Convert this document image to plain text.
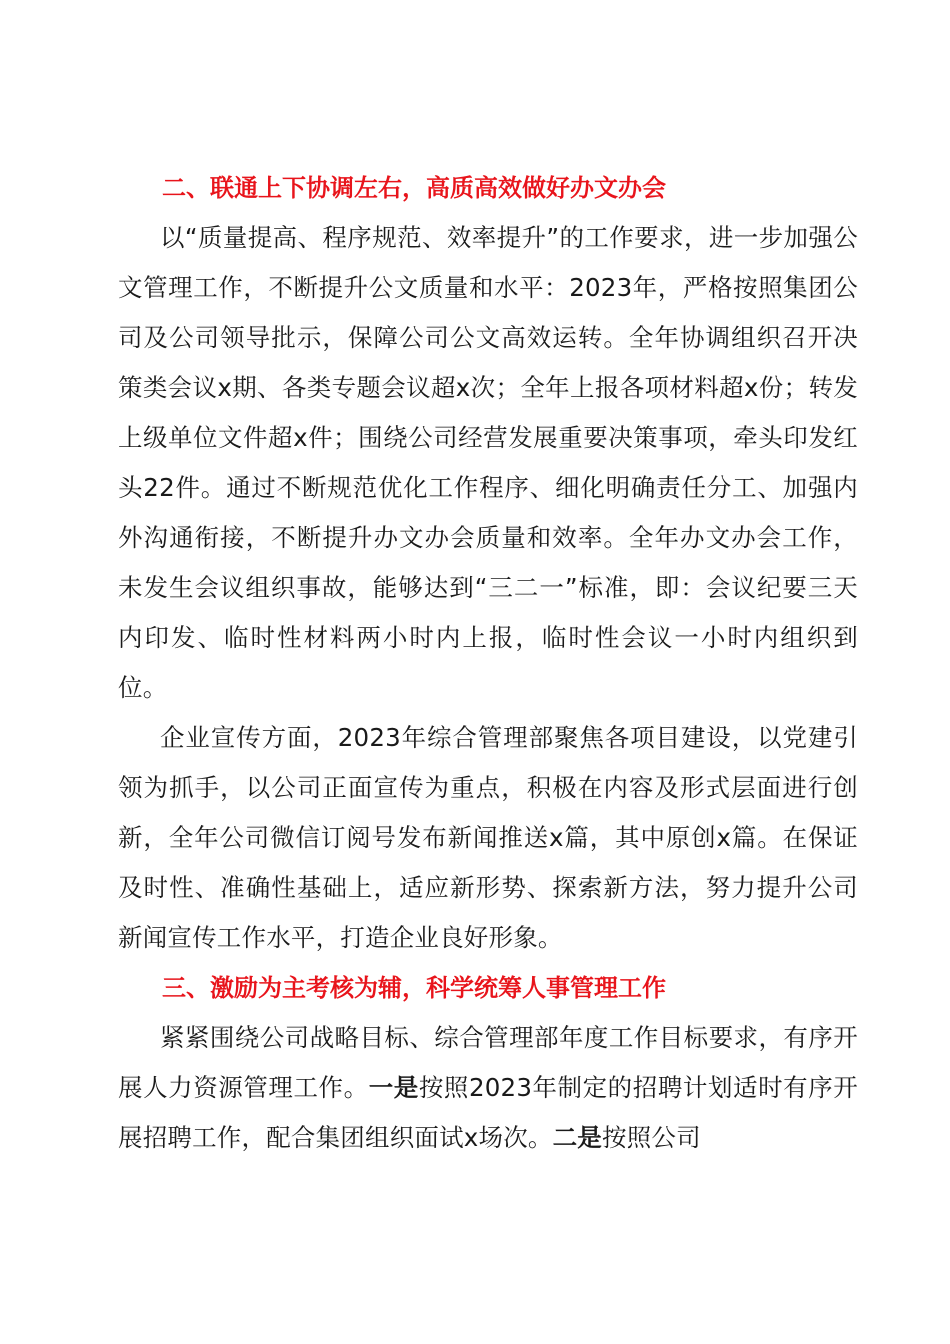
二、联通上下协调左右，高质高效做好办文办会

以“质量提高、程序规范、效率提升”的工作要求，进一步加强公文管理工作，不断提升公文质量和水平：2023年，严格按照集团公司及公司领导批示，保障公司公文高效运转。全年协调组织召开决策类会议x期、各类专题会议超x次；全年上报各项材料超x份；转发上级单位文件超x件；围绕公司经营发展重要决策事项，牵头印发红头22件。通过不断规范优化工作程序、细化明确责任分工、加强内外沟通衔接，不断提升办文办会质量和效率。全年办文办会工作，未发生会议组织事故，能够达到“三二一”标准，即：会议纪要三天内印发、临时性材料两小时内上报，临时性会议一小时内组织到位。

企业宣传方面，2023年综合管理部聚焦各项目建设，以党建引领为抓手，以公司正面宣传为重点，积极在内容及形式层面进行创新，全年公司微信订阅号发布新闻推送x篇，其中原创x篇。在保证及时性、准确性基础上，适应新形势、探索新方法，努力提升公司新闻宣传工作水平，打造企业良好形象。

三、激励为主考核为辅，科学统筹人事管理工作

紧紧围绕公司战略目标、综合管理部年度工作目标要求，有序开展人力资源管理工作。一是按照2023年制定的招聘计划适时有序开展招聘工作，配合集团组织面试x场次。二是按照公司
